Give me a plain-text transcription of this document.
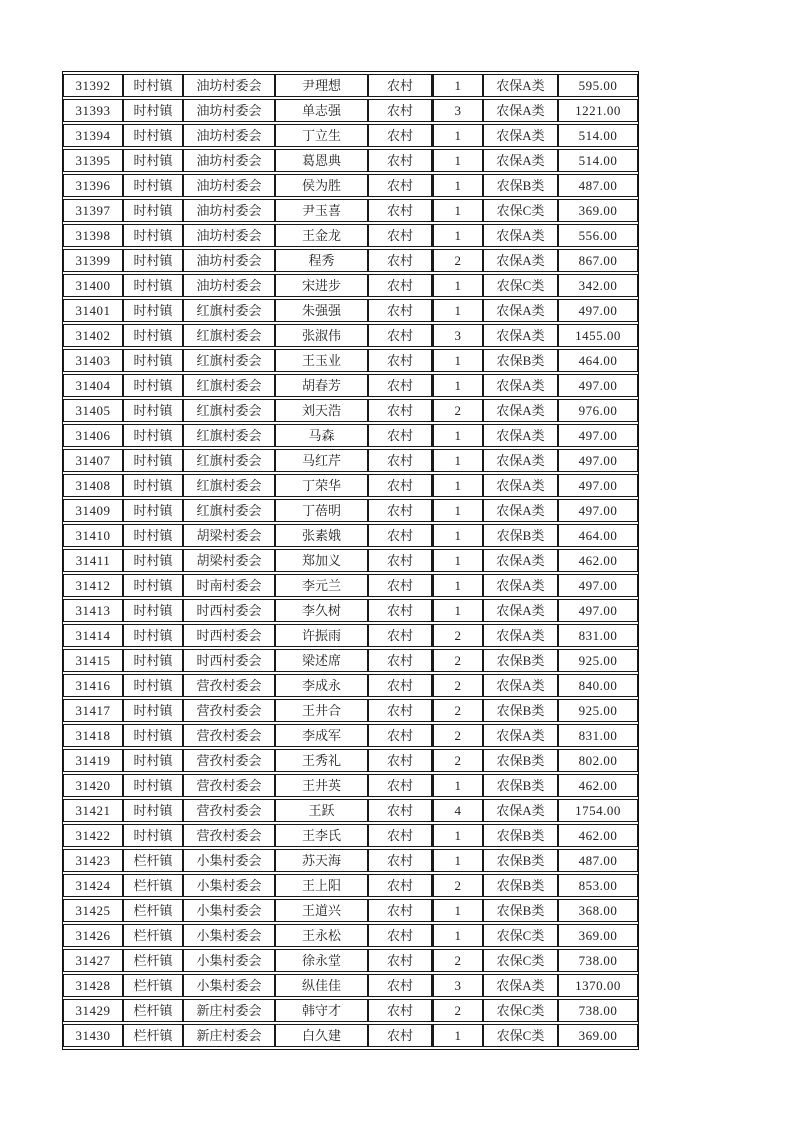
31392	时村镇	油坊村委会	尹理想	农村	1	农保A类	595.00
31393	时村镇	油坊村委会	单志强	农村	3	农保A类	1221.00
31394	时村镇	油坊村委会	丁立生	农村	1	农保A类	514.00
31395	时村镇	油坊村委会	葛恩典	农村	1	农保A类	514.00
31396	时村镇	油坊村委会	侯为胜	农村	1	农保B类	487.00
31397	时村镇	油坊村委会	尹玉喜	农村	1	农保C类	369.00
31398	时村镇	油坊村委会	王金龙	农村	1	农保A类	556.00
31399	时村镇	油坊村委会	程秀	农村	2	农保A类	867.00
31400	时村镇	油坊村委会	宋进步	农村	1	农保C类	342.00
31401	时村镇	红旗村委会	朱强强	农村	1	农保A类	497.00
31402	时村镇	红旗村委会	张淑伟	农村	3	农保A类	1455.00
31403	时村镇	红旗村委会	王玉业	农村	1	农保B类	464.00
31404	时村镇	红旗村委会	胡春芳	农村	1	农保A类	497.00
31405	时村镇	红旗村委会	刘天浩	农村	2	农保A类	976.00
31406	时村镇	红旗村委会	马森	农村	1	农保A类	497.00
31407	时村镇	红旗村委会	马红芹	农村	1	农保A类	497.00
31408	时村镇	红旗村委会	丁荣华	农村	1	农保A类	497.00
31409	时村镇	红旗村委会	丁蓓明	农村	1	农保A类	497.00
31410	时村镇	胡梁村委会	张素娥	农村	1	农保B类	464.00
31411	时村镇	胡梁村委会	郑加义	农村	1	农保A类	462.00
31412	时村镇	时南村委会	李元兰	农村	1	农保A类	497.00
31413	时村镇	时西村委会	李久树	农村	1	农保A类	497.00
31414	时村镇	时西村委会	许振雨	农村	2	农保A类	831.00
31415	时村镇	时西村委会	梁述席	农村	2	农保B类	925.00
31416	时村镇	营孜村委会	李成永	农村	2	农保A类	840.00
31417	时村镇	营孜村委会	王井合	农村	2	农保B类	925.00
31418	时村镇	营孜村委会	李成军	农村	2	农保A类	831.00
31419	时村镇	营孜村委会	王秀礼	农村	2	农保B类	802.00
31420	时村镇	营孜村委会	王井英	农村	1	农保B类	462.00
31421	时村镇	营孜村委会	王跃	农村	4	农保A类	1754.00
31422	时村镇	营孜村委会	王李氏	农村	1	农保B类	462.00
31423	栏杆镇	小集村委会	苏天海	农村	1	农保B类	487.00
31424	栏杆镇	小集村委会	王上阳	农村	2	农保B类	853.00
31425	栏杆镇	小集村委会	王道兴	农村	1	农保B类	368.00
31426	栏杆镇	小集村委会	王永松	农村	1	农保C类	369.00
31427	栏杆镇	小集村委会	徐永堂	农村	2	农保C类	738.00
31428	栏杆镇	小集村委会	纵佳佳	农村	3	农保A类	1370.00
31429	栏杆镇	新庄村委会	韩守才	农村	2	农保C类	738.00
31430	栏杆镇	新庄村委会	白久建	农村	1	农保C类	369.00
